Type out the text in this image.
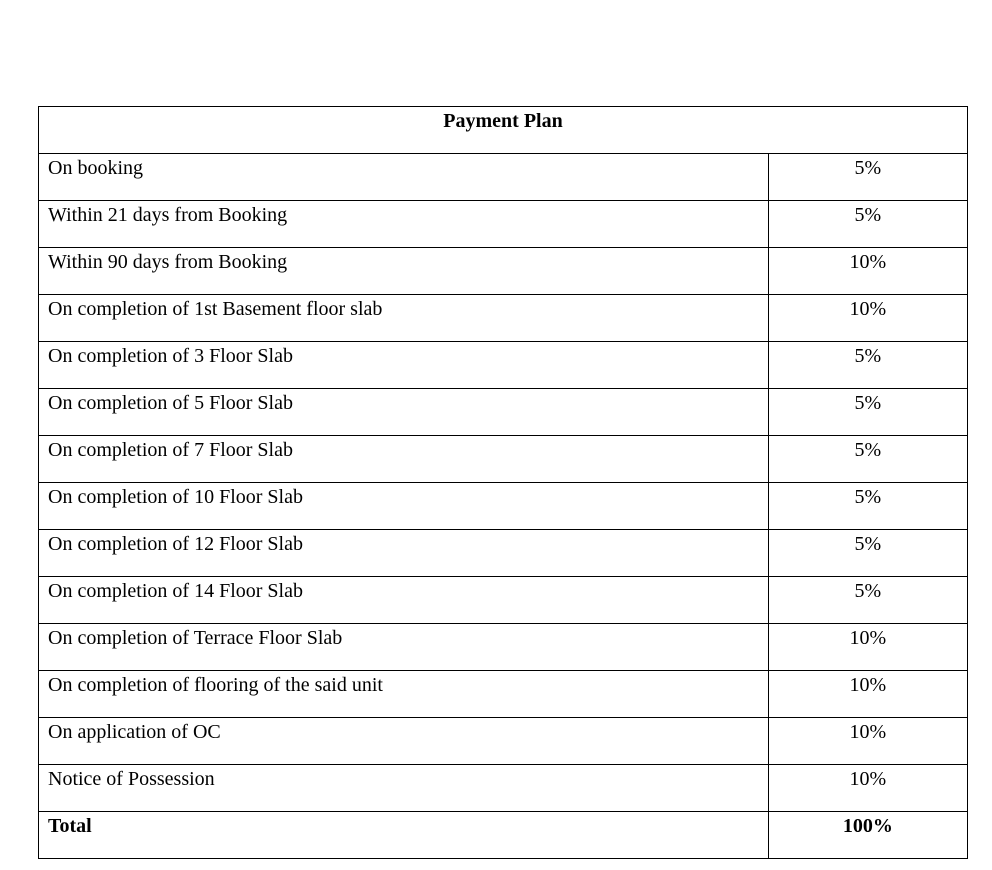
Payment Plan	
On booking	5%
Within 21 days from Booking	5%
Within 90 days from Booking	10%
On completion of 1st Basement floor slab	10%
On completion of 3 Floor Slab	5%
On completion of 5 Floor Slab	5%
On completion of 7 Floor Slab	5%
On completion of 10 Floor Slab	5%
On completion of 12 Floor Slab	5%
On completion of 14 Floor Slab	5%
On completion of Terrace Floor Slab	10%
On completion of flooring of the said unit	10%
On application of OC	10%
Notice of Possession	10%
Total	100%
